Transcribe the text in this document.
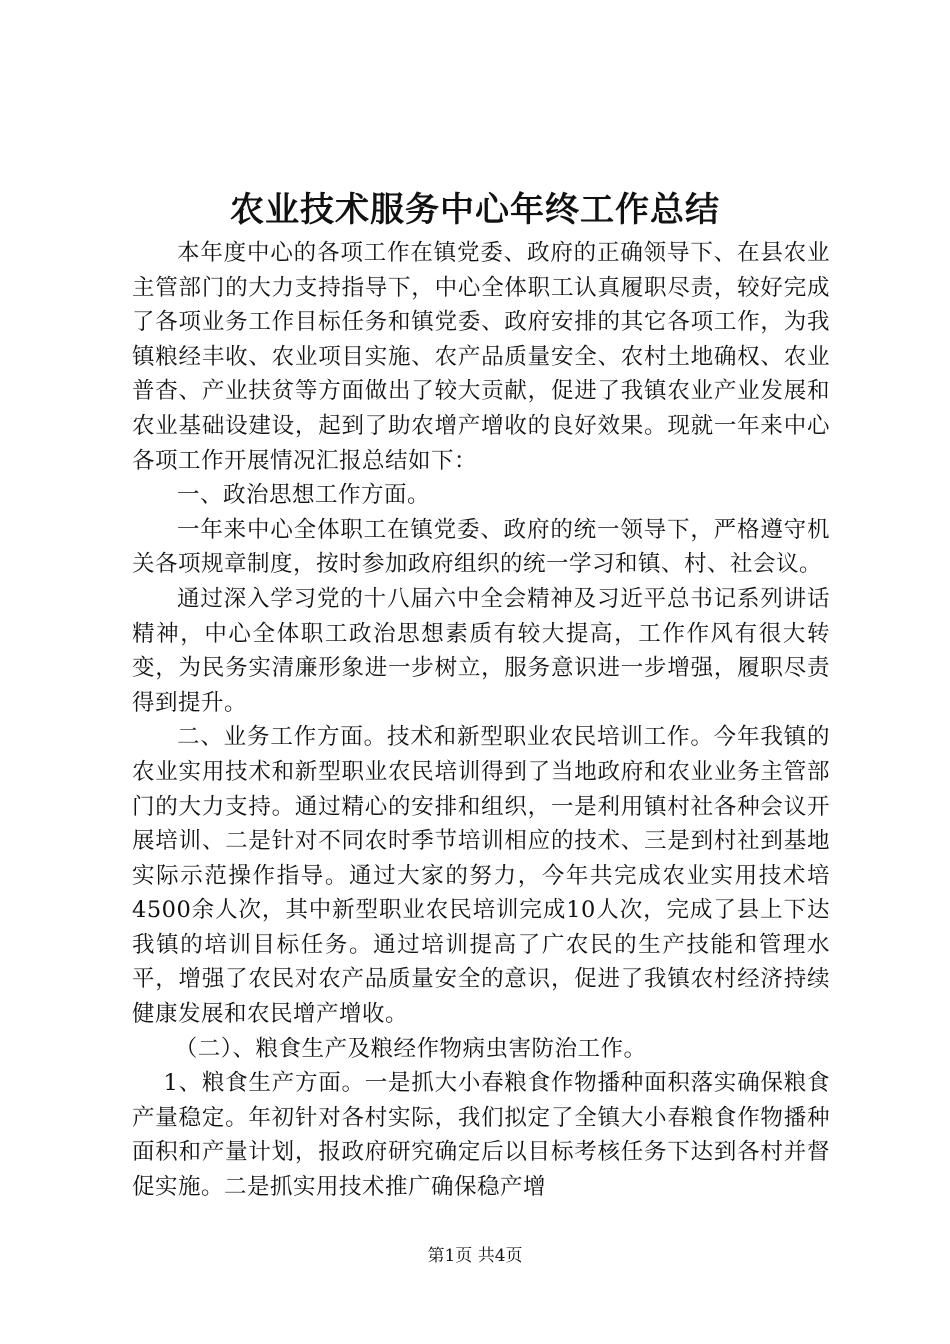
农业技术服务中心年终工作总结

本年度中心的各项工作在镇党委、政府的正确领导下、在县农业主管部门的大力支持指导下，中心全体职工认真履职尽责，较好完成了各项业务工作目标任务和镇党委、政府安排的其它各项工作，为我镇粮经丰收、农业项目实施、农产品质量安全、农村土地确权、农业普杳、产业扶贫等方面做出了较大贡献，促进了我镇农业产业发展和农业基础设建设，起到了助农增产增收的良好效果。现就一年来中心各项工作开展情况汇报总结如下：

一、政治思想工作方面。

一年来中心全体职工在镇党委、政府的统一领导下，严格遵守机关各项规章制度，按时参加政府组织的统一学习和镇、村、社会议。

通过深入学习党的十八届六中全会精神及习近平总书记系列讲话精神，中心全体职工政治思想素质有较大提高，工作作风有很大转变，为民务实清廉形象进一步树立，服务意识进一步增强，履职尽责得到提升。

二、业务工作方面。技术和新型职业农民培训工作。今年我镇的农业实用技术和新型职业农民培训得到了当地政府和农业业务主管部门的大力支持。通过精心的安排和组织，一是利用镇村社各种会议开展培训、二是针对不同农时季节培训相应的技术、三是到村社到基地实际示范操作指导。通过大家的努力，今年共完成农业实用技术培4500余人次，其中新型职业农民培训完成10人次，完成了县上下达我镇的培训目标任务。通过培训提高了广农民的生产技能和管理水平，增强了农民对农产品质量安全的意识，促进了我镇农村经济持续健康发展和农民增产增收。

（二）、粮食生产及粮经作物病虫害防治工作。

1、粮食生产方面。一是抓大小春粮食作物播种面积落实确保粮食产量稳定。年初针对各村实际，我们拟定了全镇大小春粮食作物播种面积和产量计划，报政府研究确定后以目标考核任务下达到各村并督促实施。二是抓实用技术推广确保稳产增

第1页 共4页
